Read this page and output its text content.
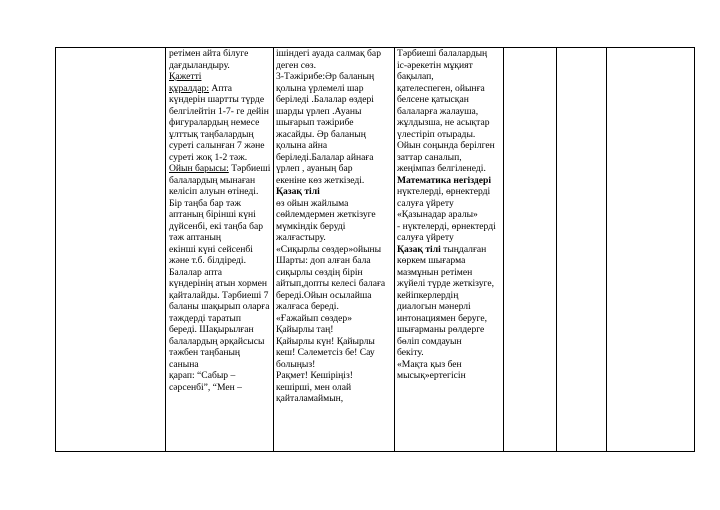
ретімен айта білуге
дағдыландыру.
Қажетті
құралдар: Апта
күндерін шартты түрде
белгілейтін 1-7- ге дейін
фигуралардың немесе
ұлттық таңбалардың
суреті салынған 7 және
суреті жоқ 1-2 тәж.
Ойын барысы: Тәрбиеші
балалардың мынаған
келісіп алуын өтінеді.
Бір таңба бар тәж
аптаның бірінші күні
дүйсенбі, екі таңба бар
тәж аптаның
екінші күні сейсенбі
және т.б. білдіреді.
Балалар апта
күндерінің атын хормен
қайталайды. Тәрбиеші 7
баланы шақырып оларға
тәждерді таратып
береді. Шақырылған
балалардың әрқайсысы
тәжбен таңбаның
санына
қарап: “Сабыр –
сәрсенбі”, “Мен –

ішіндегі ауада салмақ бар
деген сөз.
3-Тәжірибе:Әр баланың
қолына үрлемелі шар
беріледі .Балалар өздері
шарды үрлеп .Ауаны
шығарып тәжірибе
жасайды. Әр баланың
қолына айна
беріледі.Балалар айнаға
үрлеп , ауаның бар
екеніне көз жеткізеді.
Қазақ тілі
өз ойын жайлыма
сөйлемдермен жеткізуге
мүмкіндік беруді
жалғастыру.
«Сиқырлы сөздер»ойыны
Шарты: доп алған бала
сиқырлы сөздің бірін
айтып,допты келесі балаға
береді.Ойын осылайша
жалғаса береді.
«Ғажайып сөздер»
Қайырлы таң!
Қайырлы күн! Қайырлы
кеш! Сәлеметсіз бе! Сау
болыңыз!
Рақмет! Кешіріңіз!
кешірші, мен олай
қайталамаймын,

Тәрбиеші балалардың
іс-әрекетін мұқият
бақылап,
қателеспеген, ойынға
белсене қатысқан
балаларға жалауша,
жұлдызша, не асықтар
үлестіріп отырады.
Ойын соңында берілген
заттар саналып,
жеңімпаз белгіленеді.
Математика негіздері
нүктелерді, өрнектерді
салуға үйрету
«Қазынадар аралы»
- нүктелерді, өрнектерді
салуға үйрету
Қазақ тілі тыңдалған
көркем шығарма
мазмұнын ретімен
жүйелі түрде жеткізуге,
кейіпкерлердің
диалогын мәнерлі
интонациямен беруге,
шығарманы рөлдерге
бөліп сомдауын
бекіту.
«Мақта қыз бен
мысық»ертегісін
